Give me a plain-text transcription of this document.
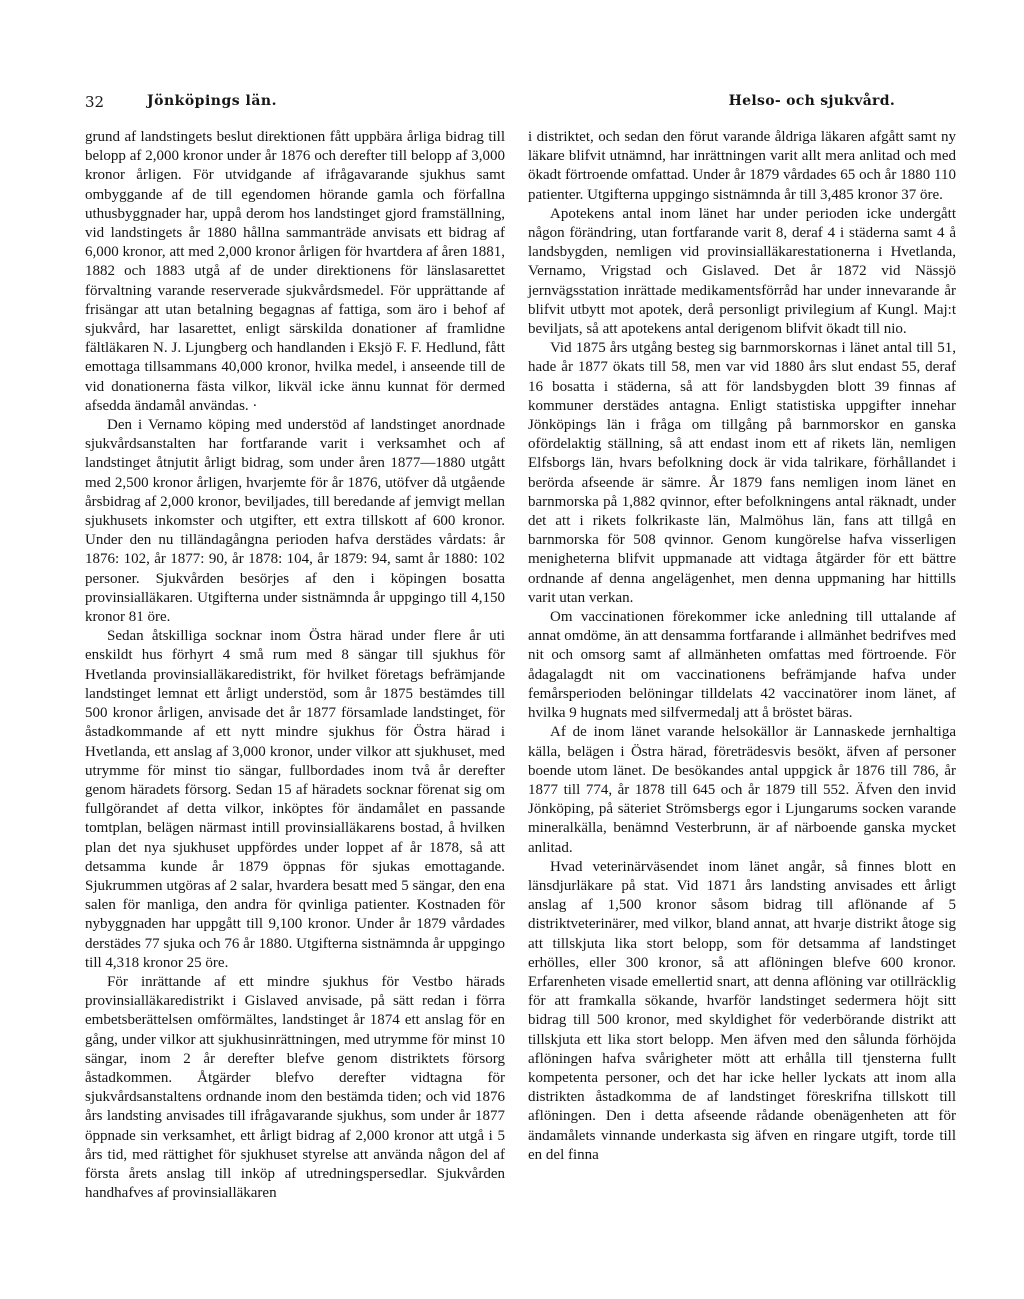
32	Jönköpings län.	Helso- och sjukvård.

grund af landstingets beslut direktionen fått uppbära årliga bidrag till belopp af 2,000 kronor under år 1876 och derefter till belopp af 3,000 kronor årligen. För utvidgande af ifrågavarande sjukhus samt ombyggande af de till egendomen hörande gamla och förfallna uthusbyggnader har, uppå derom hos landstinget gjord framställning, vid landstingets år 1880 hållna sammanträde anvisats ett bidrag af 6,000 kronor, att med 2,000 kronor årligen för hvartdera af åren 1881, 1882 och 1883 utgå af de under direktionens för länslasarettet förvaltning varande reserverade sjukvårdsmedel. För upprättande af frisängar att utan betalning begagnas af fattiga, som äro i behof af sjukvård, har lasarettet, enligt särskilda donationer af framlidne fältläkaren N. J. Ljungberg och handlanden i Eksjö F. F. Hedlund, fått emottaga tillsammans 40,000 kronor, hvilka medel, i anseende till de vid donationerna fästa vilkor, likväl icke ännu kunnat för dermed afsedda ändamål användas. ·

Den i Vernamo köping med understöd af landstinget anordnade sjukvårdsanstalten har fortfarande varit i verksamhet och af landstinget åtnjutit årligt bidrag, som under åren 1877—1880 utgått med 2,500 kronor årligen, hvarjemte för år 1876, utöfver då utgående årsbidrag af 2,000 kronor, beviljades, till beredande af jemvigt mellan sjukhusets inkomster och utgifter, ett extra tillskott af 600 kronor. Under den nu tilländagångna perioden hafva derstädes vårdats: år 1876: 102, år 1877: 90, år 1878: 104, år 1879: 94, samt år 1880: 102 personer. Sjukvården besörjes af den i köpingen bosatta provinsialläkaren. Utgifterna under sistnämnda år uppgingo till 4,150 kronor 81 öre.

Sedan åtskilliga socknar inom Östra härad under flere år uti enskildt hus förhyrt 4 små rum med 8 sängar till sjukhus för Hvetlanda provinsialläkaredistrikt, för hvilket företags befrämjande landstinget lemnat ett årligt understöd, som år 1875 bestämdes till 500 kronor årligen, anvisade det år 1877 församlade landstinget, för åstadkommande af ett nytt mindre sjukhus för Östra härad i Hvetlanda, ett anslag af 3,000 kronor, under vilkor att sjukhuset, med utrymme för minst tio sängar, fullbordades inom två år derefter genom häradets försorg. Sedan 15 af häradets socknar förenat sig om fullgörandet af detta vilkor, inköptes för ändamålet en passande tomtplan, belägen närmast intill provinsialläkarens bostad, å hvilken plan det nya sjukhuset uppfördes under loppet af år 1878, så att detsamma kunde år 1879 öppnas för sjukas emottagande. Sjukrummen utgöras af 2 salar, hvardera besatt med 5 sängar, den ena salen för manliga, den andra för qvinliga patienter. Kostnaden för nybyggnaden har uppgått till 9,100 kronor. Under år 1879 vårdades derstädes 77 sjuka och 76 år 1880. Utgifterna sistnämnda år uppgingo till 4,318 kronor 25 öre.

För inrättande af ett mindre sjukhus för Vestbo härads provinsialläkaredistrikt i Gislaved anvisade, på sätt redan i förra embetsberättelsen omförmältes, landstinget år 1874 ett anslag för en gång, under vilkor att sjukhusinrättningen, med utrymme för minst 10 sängar, inom 2 år derefter blefve genom distriktets försorg åstadkommen. Åtgärder blefvo derefter vidtagna för sjukvårdsanstaltens ordnande inom den bestämda tiden; och vid 1876 års landsting anvisades till ifrågavarande sjukhus, som under år 1877 öppnade sin verksamhet, ett årligt bidrag af 2,000 kronor att utgå i 5 års tid, med rättighet för sjukhuset styrelse att använda någon del af första årets anslag till inköp af utredningspersedlar. Sjukvården handhafves af provinsialläkaren

i distriktet, och sedan den förut varande åldriga läkaren afgått samt ny läkare blifvit utnämnd, har inrättningen varit allt mera anlitad och med ökadt förtroende omfattad. Under år 1879 vårdades 65 och år 1880 110 patienter. Utgifterna uppgingo sistnämnda år till 3,485 kronor 37 öre.

Apotekens antal inom länet har under perioden icke undergått någon förändring, utan fortfarande varit 8, deraf 4 i städerna samt 4 å landsbygden, nemligen vid provinsialläkarestationerna i Hvetlanda, Vernamo, Vrigstad och Gislaved. Det år 1872 vid Nässjö jernvägsstation inrättade medikamentsförråd har under innevarande år blifvit utbytt mot apotek, derå personligt privilegium af Kungl. Maj:t beviljats, så att apotekens antal derigenom blifvit ökadt till nio.

Vid 1875 års utgång besteg sig barnmorskornas i länet antal till 51, hade år 1877 ökats till 58, men var vid 1880 års slut endast 55, deraf 16 bosatta i städerna, så att för landsbygden blott 39 finnas af kommuner derstädes antagna. Enligt statistiska uppgifter innehar Jönköpings län i fråga om tillgång på barnmorskor en ganska ofördelaktig ställning, så att endast inom ett af rikets län, nemligen Elfsborgs län, hvars befolkning dock är vida talrikare, förhållandet i berörda afseende är sämre. År 1879 fans nemligen inom länet en barnmorska på 1,882 qvinnor, efter befolkningens antal räknadt, under det att i rikets folkrikaste län, Malmöhus län, fans att tillgå en barnmorska för 508 qvinnor. Genom kungörelse hafva visserligen menigheterna blifvit uppmanade att vidtaga åtgärder för ett bättre ordnande af denna angelägenhet, men denna uppmaning har hittills varit utan verkan.

Om vaccinationen förekommer icke anledning till uttalande af annat omdöme, än att densamma fortfarande i allmänhet bedrifves med nit och omsorg samt af allmänheten omfattas med förtroende. För ådagalagdt nit om vaccinationens befrämjande hafva under femårsperioden belöningar tilldelats 42 vaccinatörer inom länet, af hvilka 9 hugnats med silfvermedalj att å bröstet bäras.

Af de inom länet varande helsokällor är Lannaskede jernhaltiga källa, belägen i Östra härad, företrädesvis besökt, äfven af personer boende utom länet. De besökandes antal uppgick år 1876 till 786, år 1877 till 774, år 1878 till 645 och år 1879 till 552. Äfven den invid Jönköping, på säteriet Strömsbergs egor i Ljungarums socken varande mineralkälla, benämnd Vesterbrunn, är af närboende ganska mycket anlitad.

Hvad veterinärväsendet inom länet angår, så finnes blott en länsdjurläkare på stat. Vid 1871 års landsting anvisades ett årligt anslag af 1,500 kronor såsom bidrag till aflönande af 5 distriktveterinärer, med vilkor, bland annat, att hvarje distrikt åtoge sig att tillskjuta lika stort belopp, som för detsamma af landstinget erhölles, eller 300 kronor, så att aflöningen blefve 600 kronor. Erfarenheten visade emellertid snart, att denna aflöning var otillräcklig för att framkalla sökande, hvarför landstinget sedermera höjt sitt bidrag till 500 kronor, med skyldighet för vederbörande distrikt att tillskjuta ett lika stort belopp. Men äfven med den sålunda förhöjda aflöningen hafva svårigheter mött att erhålla till tjensterna fullt kompetenta personer, och det har icke heller lyckats att inom alla distrikten åstadkomma de af landstinget föreskrifna tillskott till aflöningen. Den i detta afseende rådande obenägenheten att för ändamålets vinnande underkasta sig äfven en ringare utgift, torde till en del finna
